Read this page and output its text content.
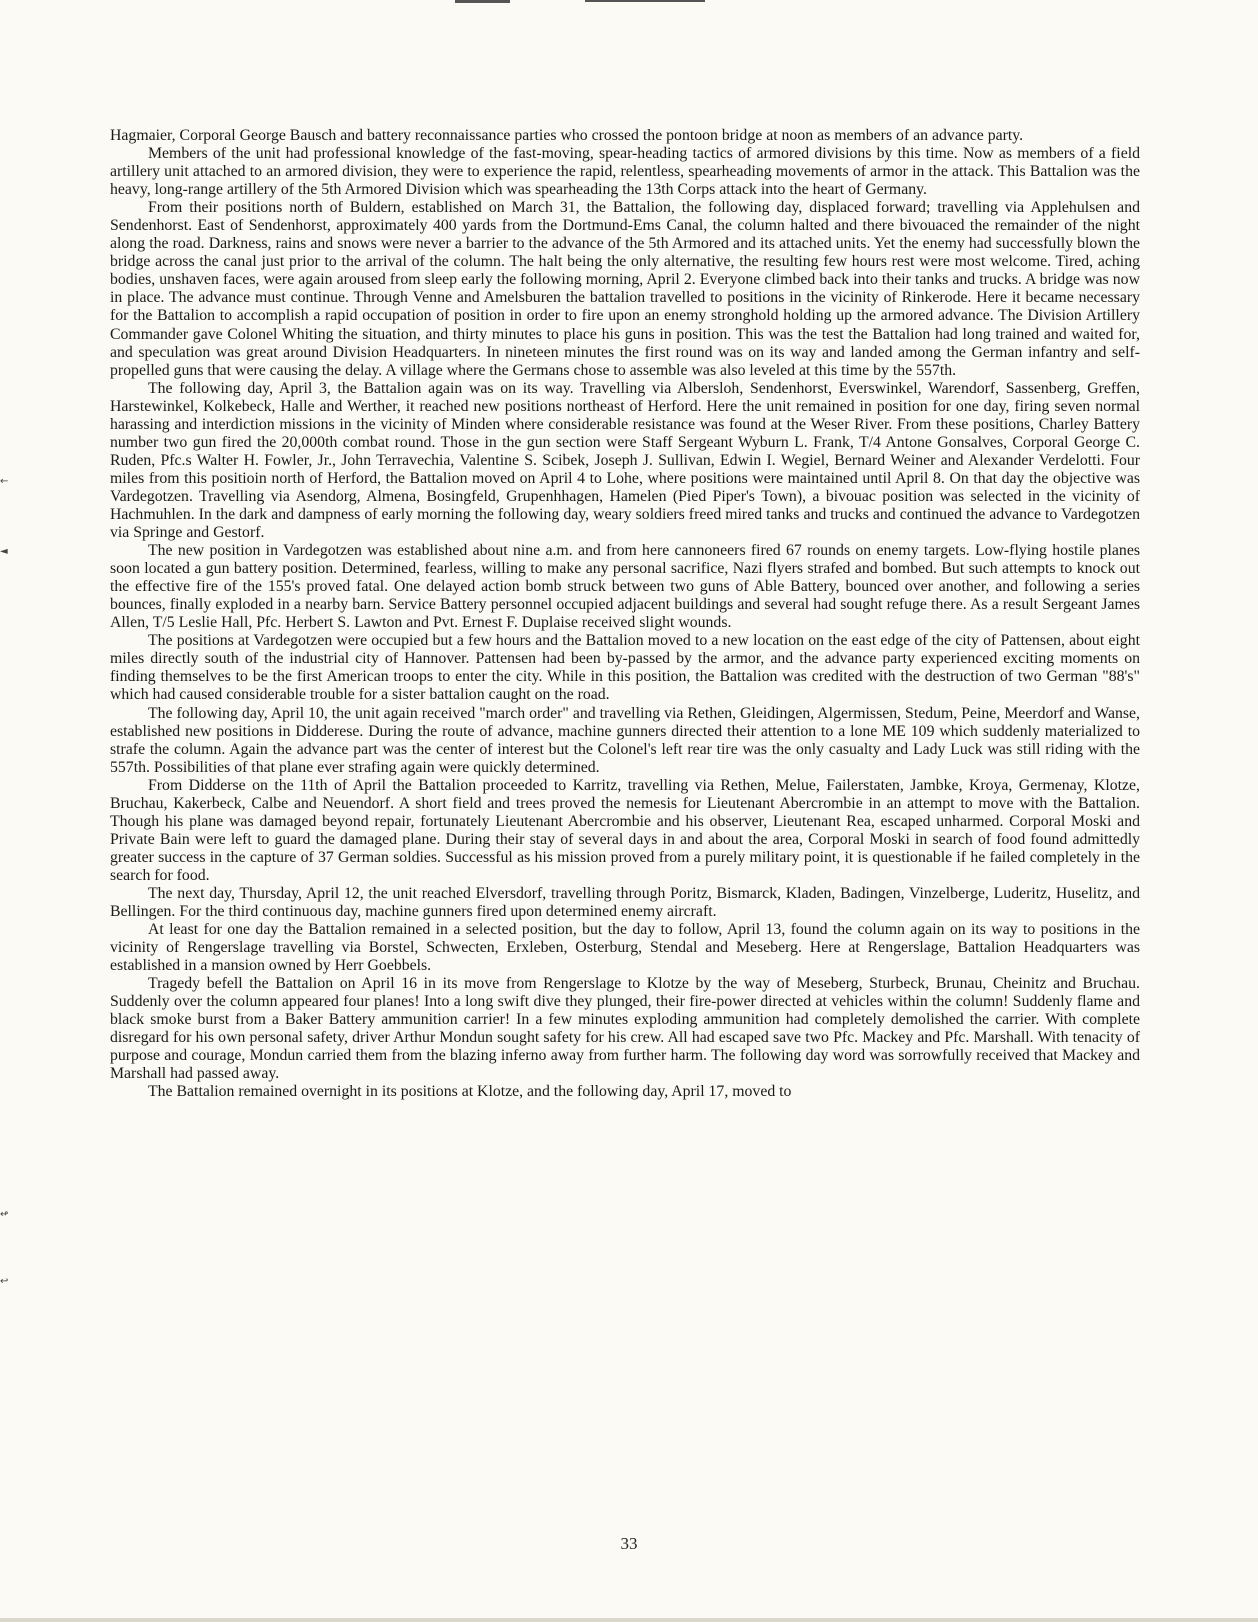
Hagmaier, Corporal George Bausch and battery reconnaissance parties who crossed the pontoon bridge at noon as members of an advance party.

Members of the unit had professional knowledge of the fast-moving, spear-heading tactics of armored divisions by this time. Now as members of a field artillery unit attached to an armored division, they were to experience the rapid, relentless, spearheading movements of armor in the attack. This Battalion was the heavy, long-range artillery of the 5th Armored Division which was spearheading the 13th Corps attack into the heart of Germany.

From their positions north of Buldern, established on March 31, the Battalion, the following day, displaced forward; travelling via Applehulsen and Sendenhorst. East of Sendenhorst, approximately 400 yards from the Dortmund-Ems Canal, the column halted and there bivouaced the remainder of the night along the road. Darkness, rains and snows were never a barrier to the advance of the 5th Armored and its attached units. Yet the enemy had successfully blown the bridge across the canal just prior to the arrival of the column. The halt being the only alternative, the resulting few hours rest were most welcome. Tired, aching bodies, unshaven faces, were again aroused from sleep early the following morning, April 2. Everyone climbed back into their tanks and trucks. A bridge was now in place. The advance must continue. Through Venne and Amelsburen the battalion travelled to positions in the vicinity of Rinkerode. Here it became necessary for the Battalion to accomplish a rapid occupation of position in order to fire upon an enemy stronghold holding up the armored advance. The Division Artillery Commander gave Colonel Whiting the situation, and thirty minutes to place his guns in position. This was the test the Battalion had long trained and waited for, and speculation was great around Division Headquarters. In nineteen minutes the first round was on its way and landed among the German infantry and self-propelled guns that were causing the delay. A village where the Germans chose to assemble was also leveled at this time by the 557th.

The following day, April 3, the Battalion again was on its way. Travelling via Albersloh, Sendenhorst, Everswinkel, Warendorf, Sassenberg, Greffen, Harstewinkel, Kolkebeck, Halle and Werther, it reached new positions northeast of Herford. Here the unit remained in position for one day, firing seven normal harassing and interdiction missions in the vicinity of Minden where considerable resistance was found at the Weser River. From these positions, Charley Battery number two gun fired the 20,000th combat round. Those in the gun section were Staff Sergeant Wyburn L. Frank, T/4 Antone Gonsalves, Corporal George C. Ruden, Pfc.s Walter H. Fowler, Jr., John Terravechia, Valentine S. Scibek, Joseph J. Sullivan, Edwin I. Wegiel, Bernard Weiner and Alexander Verdelotti. Four miles from this positioin north of Herford, the Battalion moved on April 4 to Lohe, where positions were maintained until April 8. On that day the objective was Vardegotzen. Travelling via Asendorg, Almena, Bosingfeld, Grupenhhagen, Hamelen (Pied Piper's Town), a bivouac position was selected in the vicinity of Hachmuhlen. In the dark and dampness of early morning the following day, weary soldiers freed mired tanks and trucks and continued the advance to Vardegotzen via Springe and Gestorf.

The new position in Vardegotzen was established about nine a.m. and from here cannoneers fired 67 rounds on enemy targets. Low-flying hostile planes soon located a gun battery position. Determined, fearless, willing to make any personal sacrifice, Nazi flyers strafed and bombed. But such attempts to knock out the effective fire of the 155's proved fatal. One delayed action bomb struck between two guns of Able Battery, bounced over another, and following a series bounces, finally exploded in a nearby barn. Service Battery personnel occupied adjacent buildings and several had sought refuge there. As a result Sergeant James Allen, T/5 Leslie Hall, Pfc. Herbert S. Lawton and Pvt. Ernest F. Duplaise received slight wounds.

The positions at Vardegotzen were occupied but a few hours and the Battalion moved to a new location on the east edge of the city of Pattensen, about eight miles directly south of the industrial city of Hannover. Pattensen had been by-passed by the armor, and the advance party experienced exciting moments on finding themselves to be the first American troops to enter the city. While in this position, the Battalion was credited with the destruction of two German "88's" which had caused considerable trouble for a sister battalion caught on the road.

The following day, April 10, the unit again received "march order" and travelling via Rethen, Gleidingen, Algermissen, Stedum, Peine, Meerdorf and Wanse, established new positions in Didderese. During the route of advance, machine gunners directed their attention to a lone ME 109 which suddenly materialized to strafe the column. Again the advance part was the center of interest but the Colonel's left rear tire was the only casualty and Lady Luck was still riding with the 557th. Possibilities of that plane ever strafing again were quickly determined.

From Didderse on the 11th of April the Battalion proceeded to Karritz, travelling via Rethen, Melue, Failerstaten, Jambke, Kroya, Germenay, Klotze, Bruchau, Kakerbeck, Calbe and Neuendorf. A short field and trees proved the nemesis for Lieutenant Abercrombie in an attempt to move with the Battalion. Though his plane was damaged beyond repair, fortunately Lieutenant Abercrombie and his observer, Lieutenant Rea, escaped unharmed. Corporal Moski and Private Bain were left to guard the damaged plane. During their stay of several days in and about the area, Corporal Moski in search of food found admittedly greater success in the capture of 37 German soldies. Successful as his mission proved from a purely military point, it is questionable if he failed completely in the search for food.

The next day, Thursday, April 12, the unit reached Elversdorf, travelling through Poritz, Bismarck, Kladen, Badingen, Vinzelberge, Luderitz, Huselitz, and Bellingen. For the third continuous day, machine gunners fired upon determined enemy aircraft.

At least for one day the Battalion remained in a selected position, but the day to follow, April 13, found the column again on its way to positions in the vicinity of Rengerslage travelling via Borstel, Schwecten, Erxleben, Osterburg, Stendal and Meseberg. Here at Rengerslage, Battalion Headquarters was established in a mansion owned by Herr Goebbels.

Tragedy befell the Battalion on April 16 in its move from Rengerslage to Klotze by the way of Meseberg, Sturbeck, Brunau, Cheinitz and Bruchau. Suddenly over the column appeared four planes! Into a long swift dive they plunged, their fire-power directed at vehicles within the column! Suddenly flame and black smoke burst from a Baker Battery ammunition carrier! In a few minutes exploding ammunition had completely demolished the carrier. With complete disregard for his own personal safety, driver Arthur Mondun sought safety for his crew. All had escaped save two Pfc. Mackey and Pfc. Marshall. With tenacity of purpose and courage, Mondun carried them from the blazing inferno away from further harm. The following day word was sorrowfully received that Mackey and Marshall had passed away.

The Battalion remained overnight in its positions at Klotze, and the following day, April 17, moved to

33
←
◄
↫
↩
